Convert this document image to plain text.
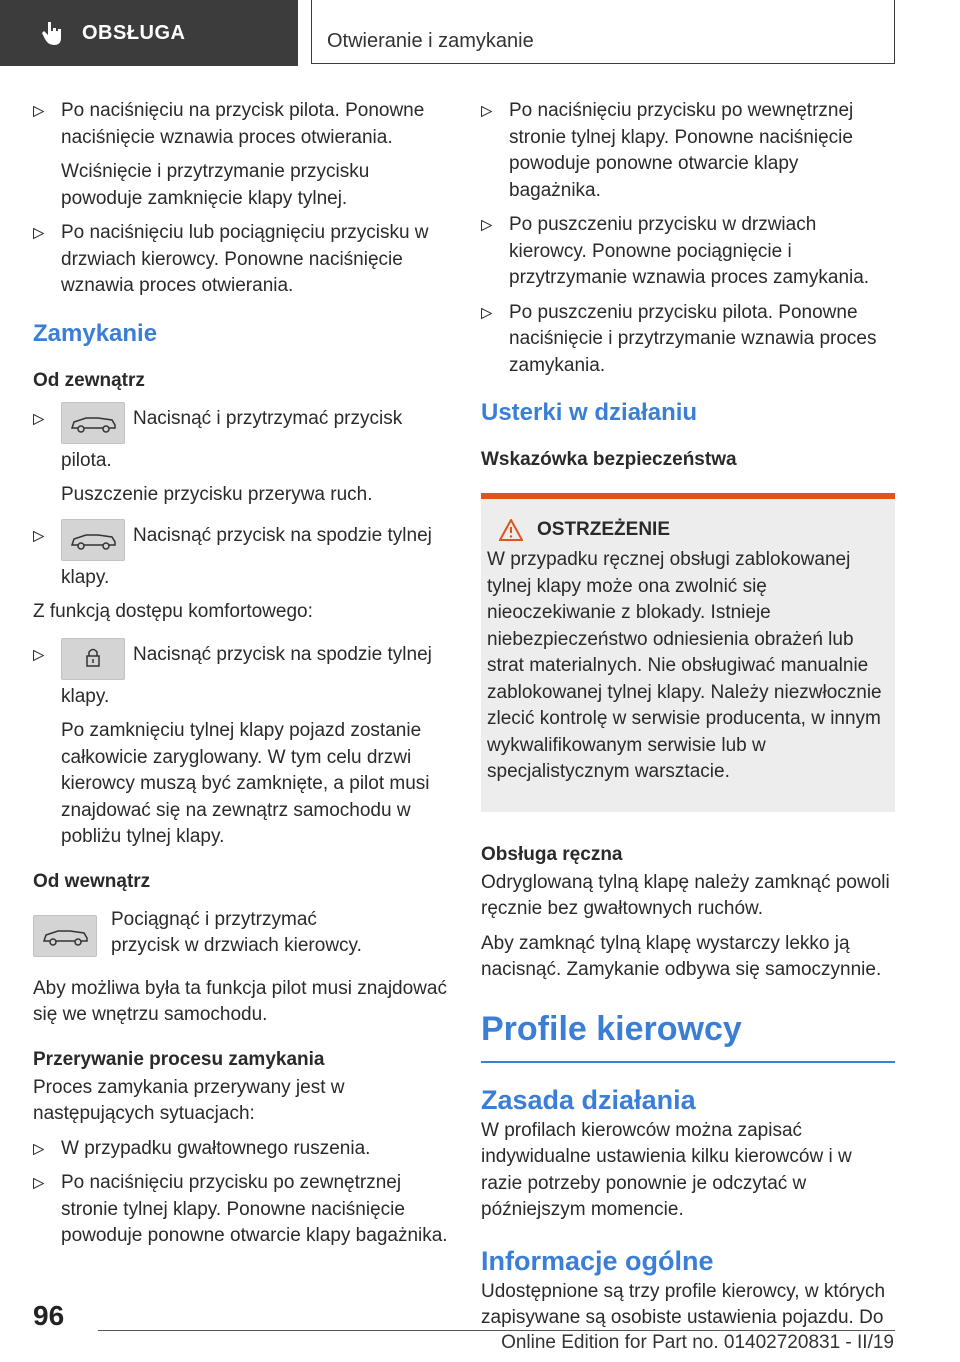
OBSŁUGA	Otwieranie i zamykanie
Po naciśnięciu na przycisk pilota. Ponowne naciśnięcie wznawia proces otwierania.
Wciśnięcie i przytrzymanie przycisku powoduje zamknięcie klapy tylnej.
Po naciśnięciu lub pociągnięciu przycisku w drzwiach kierowcy. Ponowne naciśnięcie wznawia proces otwierania.
Zamykanie
Od zewnątrz
Nacisnąć i przytrzymać przycisk pilota.
Puszczenie przycisku przerywa ruch.
Nacisnąć przycisk na spodzie tylnej klapy.
Z funkcją dostępu komfortowego:
Nacisnąć przycisk na spodzie tylnej klapy.
Po zamknięciu tylnej klapy pojazd zostanie całkowicie zaryglowany. W tym celu drzwi kierowcy muszą być zamknięte, a pilot musi znajdować się na zewnątrz samochodu w pobliżu tylnej klapy.
Od wewnątrz
Pociągnąć i przytrzymać przycisk w drzwiach kierowcy.
Aby możliwa była ta funkcja pilot musi znajdować się we wnętrzu samochodu.
Przerywanie procesu zamykania
Proces zamykania przerywany jest w następujących sytuacjach:
W przypadku gwałtownego ruszenia.
Po naciśnięciu przycisku po zewnętrznej stronie tylnej klapy. Ponowne naciśnięcie powoduje ponowne otwarcie klapy bagażnika.
Po naciśnięciu przycisku po wewnętrznej stronie tylnej klapy. Ponowne naciśnięcie powoduje ponowne otwarcie klapy bagażnika.
Po puszczeniu przycisku w drzwiach kierowcy. Ponowne pociągnięcie i przytrzymanie wznawia proces zamykania.
Po puszczeniu przycisku pilota. Ponowne naciśnięcie i przytrzymanie wznawia proces zamykania.
Usterki w działaniu
Wskazówka bezpieczeństwa
OSTRZEŻENIE
W przypadku ręcznej obsługi zablokowanej tylnej klapy może ona zwolnić się nieoczekiwanie z blokady. Istnieje niebezpieczeństwo odniesienia obrażeń lub strat materialnych. Nie obsługiwać manualnie zablokowanej tylnej klapy. Należy niezwłocznie zlecić kontrolę w serwisie producenta, w innym wykwalifikowanym serwisie lub w specjalistycznym warsztacie.
Obsługa ręczna
Odryglowaną tylną klapę należy zamknąć powoli ręcznie bez gwałtownych ruchów.
Aby zamknąć tylną klapę wystarczy lekko ją nacisnąć. Zamykanie odbywa się samoczynnie.
Profile kierowcy
Zasada działania
W profilach kierowców można zapisać indywidualne ustawienia kilku kierowców i w razie potrzeby ponownie je odczytać w późniejszym momencie.
Informacje ogólne
Udostępnione są trzy profile kierowcy, w których zapisywane są osobiste ustawienia pojazdu. Do
96
Online Edition for Part no. 01402720831 - II/19
